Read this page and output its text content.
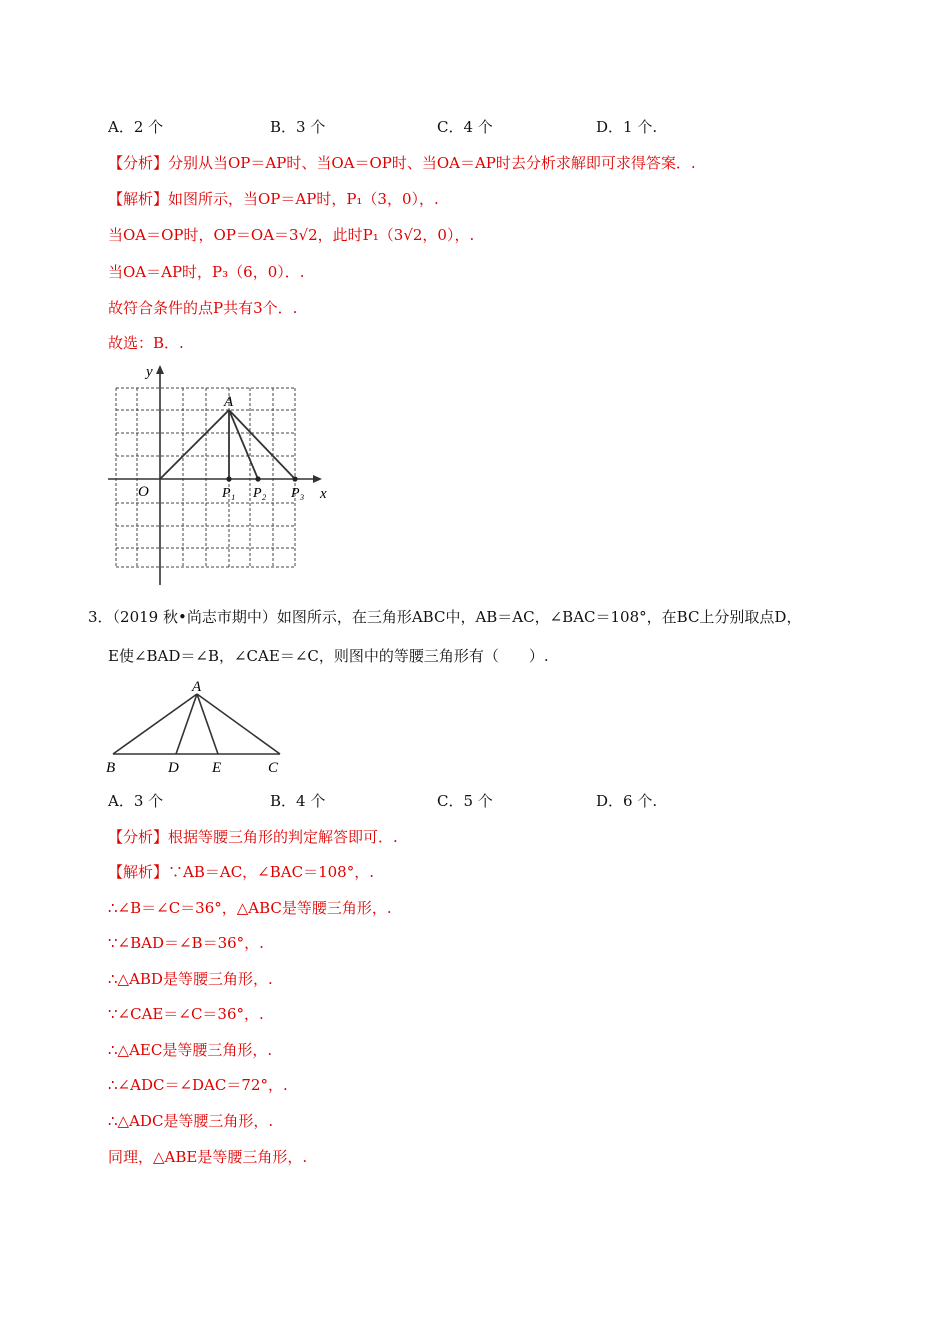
A．2 个	B．3 个	C．4 个	D．1 个.
【分析】分别从当OP＝AP时、当OA＝OP时、当OA＝AP时去分析求解即可求得答案．.
【解析】如图所示，当OP＝AP时，P₁（3，0），.
当OA＝OP时，OP＝OA＝3√2，此时P₁（3√2，0），.
当OA＝AP时，P₃（6，0）．.
故符合条件的点P共有3个．.
故选：B．.
y
x
O
A
P₁ P₂ P₃
3．（2019 秋•尚志市期中）如图所示，在三角形ABC中，AB＝AC，∠BAC＝108°，在BC上分别取点D，
E使∠BAD＝∠B，∠CAE＝∠C，则图中的等腰三角形有（　　）.
A
B	D E	C
A．3 个	B．4 个	C．5 个	D．6 个.
【分析】根据等腰三角形的判定解答即可．.
【解析】∵AB＝AC，∠BAC＝108°，.
∴∠B＝∠C＝36°，△ABC是等腰三角形，.
∵∠BAD＝∠B＝36°，.
∴△ABD是等腰三角形，.
∵∠CAE＝∠C＝36°，.
∴△AEC是等腰三角形，.
∴∠ADC＝∠DAC＝72°，.
∴△ADC是等腰三角形，.
同理，△ABE是等腰三角形，.
